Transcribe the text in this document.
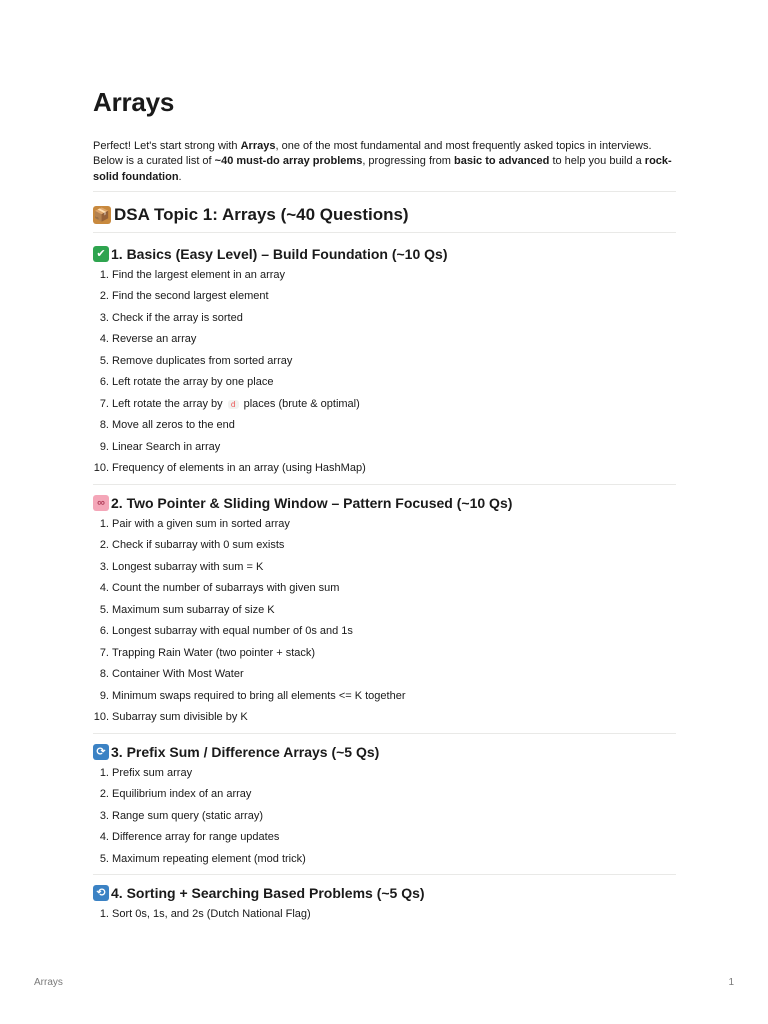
Arrays

Perfect! Let's start strong with Arrays, one of the most fundamental and most frequently asked topics in interviews. Below is a curated list of ~40 must-do array problems, progressing from basic to advanced to help you build a rock-solid foundation.

📦 DSA Topic 1: Arrays (~40 Questions)
✔ 1. Basics (Easy Level) – Build Foundation (~10 Qs)
1. Find the largest element in an array
2. Find the second largest element
3. Check if the array is sorted
4. Reverse an array
5. Remove duplicates from sorted array
6. Left rotate the array by one place
7. Left rotate the array by d places (brute & optimal)
8. Move all zeros to the end
9. Linear Search in array
10. Frequency of elements in an array (using HashMap)
∞ 2. Two Pointer & Sliding Window – Pattern Focused (~10 Qs)
1. Pair with a given sum in sorted array
2. Check if subarray with 0 sum exists
3. Longest subarray with sum = K
4. Count the number of subarrays with given sum
5. Maximum sum subarray of size K
6. Longest subarray with equal number of 0s and 1s
7. Trapping Rain Water (two pointer + stack)
8. Container With Most Water
9. Minimum swaps required to bring all elements <= K together
10. Subarray sum divisible by K
⟳ 3. Prefix Sum / Difference Arrays (~5 Qs)
1. Prefix sum array
2. Equilibrium index of an array
3. Range sum query (static array)
4. Difference array for range updates
5. Maximum repeating element (mod trick)
⟲ 4. Sorting + Searching Based Problems (~5 Qs)
1. Sort 0s, 1s, and 2s (Dutch National Flag)
Arrays	1
